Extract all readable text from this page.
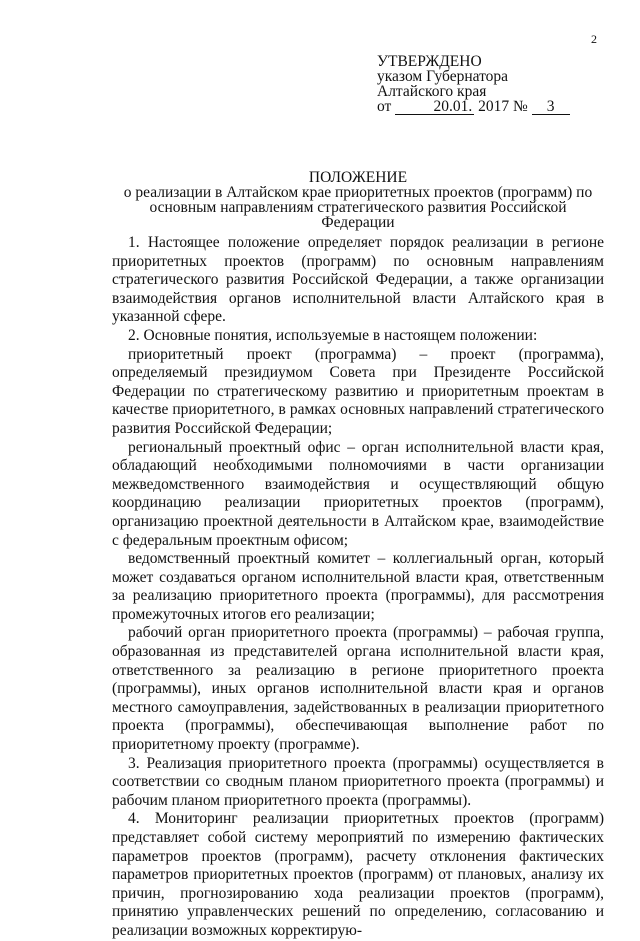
2
УТВЕРЖДЕНО
указом Губернатора
Алтайского края
от	20.01. 2017 № 3
ПОЛОЖЕНИЕ
о реализации в Алтайском крае приоритетных проектов (программ) по основным направлениям стратегического развития Российской Федерации

1. Настоящее положение определяет порядок реализации в регионе приоритетных проектов (программ) по основным направлениям стратегического развития Российской Федерации, а также организации взаимодействия органов исполнительной власти Алтайского края в указанной сфере.

2. Основные понятия, используемые в настоящем положении:

приоритетный проект (программа) – проект (программа), определяемый президиумом Совета при Президенте Российской Федерации по стратегическому развитию и приоритетным проектам в качестве приоритетного, в рамках основных направлений стратегического развития Российской Федерации;

региональный проектный офис – орган исполнительной власти края, обладающий необходимыми полномочиями в части организации межведомственного взаимодействия и осуществляющий общую координацию реализации приоритетных проектов (программ), организацию проектной деятельности в Алтайском крае, взаимодействие с федеральным проектным офисом;

ведомственный проектный комитет – коллегиальный орган, который может создаваться органом исполнительной власти края, ответственным за реализацию приоритетного проекта (программы), для рассмотрения промежуточных итогов его реализации;

рабочий орган приоритетного проекта (программы) – рабочая группа, образованная из представителей органа исполнительной власти края, ответственного за реализацию в регионе приоритетного проекта (программы), иных органов исполнительной власти края и органов местного самоуправления, задействованных в реализации приоритетного проекта (программы), обеспечивающая выполнение работ по приоритетному проекту (программе).

3. Реализация приоритетного проекта (программы) осуществляется в соответствии со сводным планом приоритетного проекта (программы) и рабочим планом приоритетного проекта (программы).

4. Мониторинг реализации приоритетных проектов (программ) представляет собой систему мероприятий по измерению фактических параметров проектов (программ), расчету отклонения фактических параметров приоритетных проектов (программ) от плановых, анализу их причин, прогнозированию хода реализации проектов (программ), принятию управленческих решений по определению, согласованию и реализации возможных корректирую-
